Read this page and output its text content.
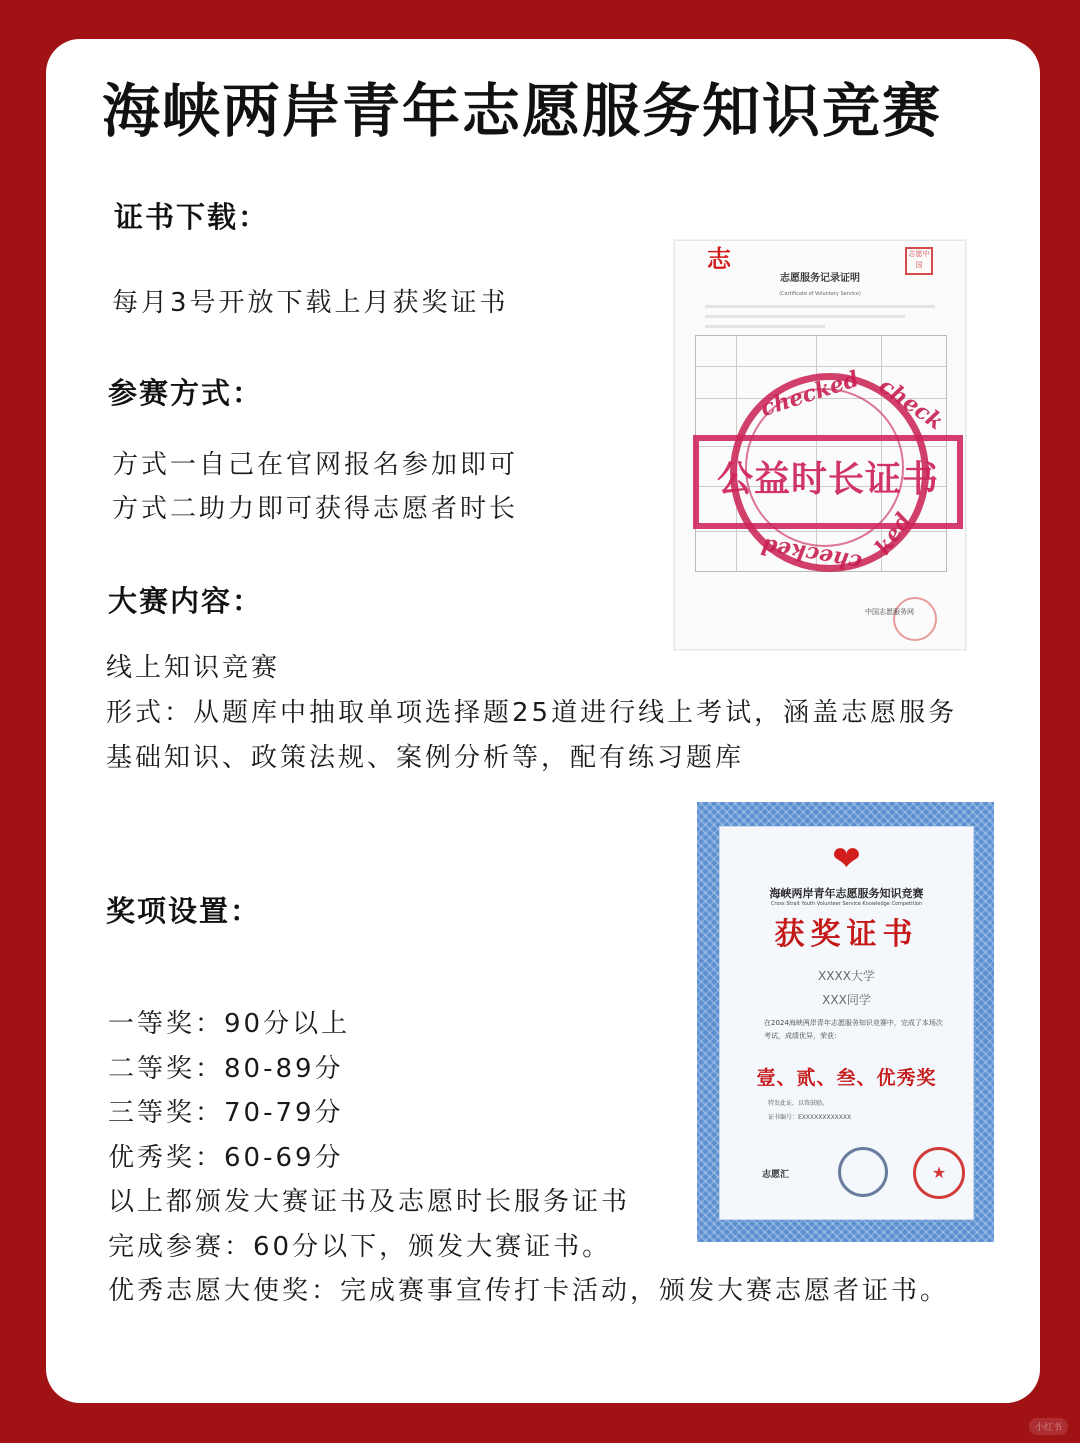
海峡两岸青年志愿服务知识竞赛
证书下载：
每月3号开放下载上月获奖证书
参赛方式：
方式一自己在官网报名参加即可
方式二助力即可获得志愿者时长
大赛内容：
线上知识竞赛
形式：从题库中抽取单项选择题25道进行线上考试，涵盖志愿服务
基础知识、政策法规、案例分析等，配有练习题库
奖项设置：
一等奖：90分以上
二等奖：80-89分
三等奖：70-79分
优秀奖：60-69分
以上都颁发大赛证书及志愿时长服务证书
完成参赛：60分以下，颁发大赛证书。
优秀志愿大使奖：完成赛事宣传打卡活动，颁发大赛志愿者证书。
志	志愿中国
志愿服务记录证明
(Certificate of Voluntary Service)
checked check
checked ked
公益时长证书
中国志愿服务网
❤
海峡两岸青年志愿服务知识竞赛
Cross Strait Youth Volunteer Service Knowledge Competition
获奖证书
XXXX大学
XXX同学
在2024海峡两岸青年志愿服务知识竞赛中，完成了本场次考试，成绩优异，荣获：
壹、贰、叁、优秀奖
特发此证，以资鼓励。
证书编号：EXXXXXXXXXXXX
志愿汇	★
小红书
